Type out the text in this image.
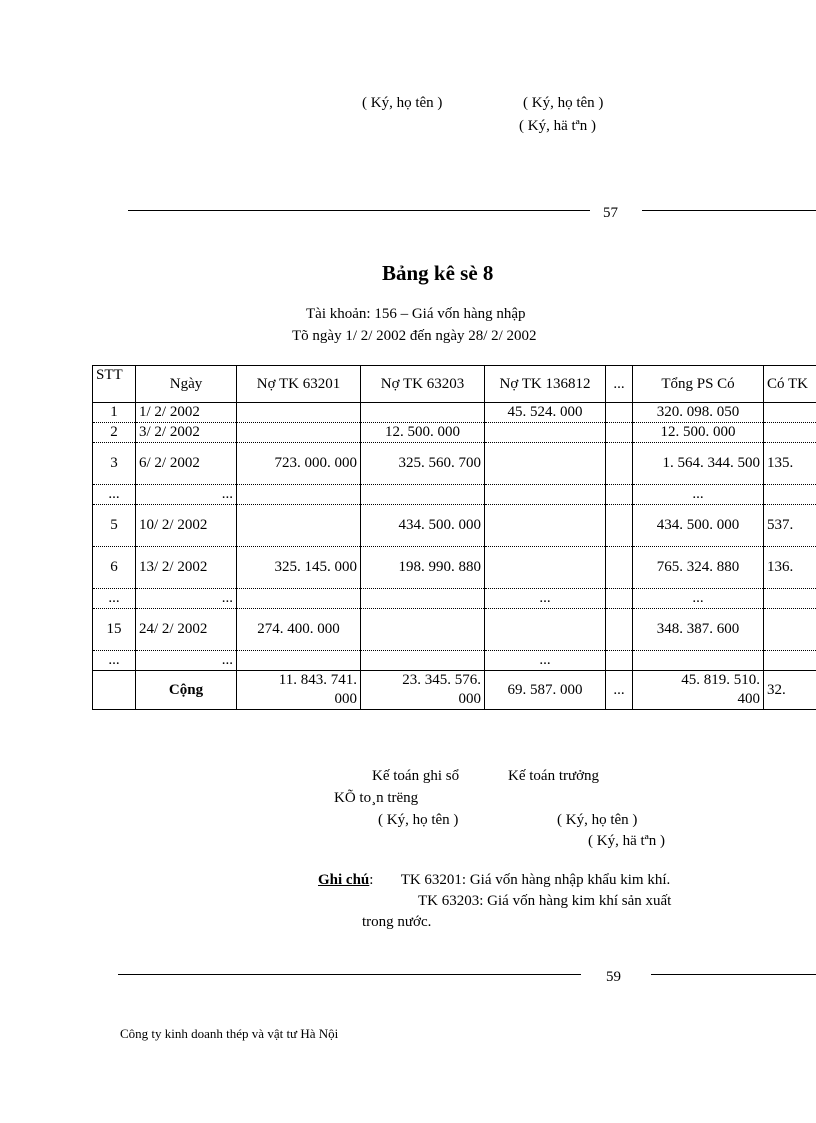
( Ký, họ tên )	( Ký, họ tên )
( Ký, hä tªn )
57
Bảng kê sè 8
Tài khoản: 156 – Giá vốn hàng nhập
Tõ ngày 1/ 2/ 2002 đến ngày 28/ 2/ 2002
STT	Ngày	Nợ TK 63201	Nợ TK 63203	Nợ TK 136812	...	Tổng PS Có	Có TK
1	1/ 2/ 2002			45. 524. 000		320. 098. 050	
2	3/ 2/ 2002		12. 500. 000			12. 500. 000	
3	6/ 2/ 2002	723. 000. 000	325. 560. 700			1. 564. 344. 500	135.
...	...					...	
5	10/ 2/ 2002		434. 500. 000			434. 500. 000	537.
6	13/ 2/ 2002	325. 145. 000	198. 990. 880			765. 324. 880	136.
...	...			...		...	
15	24/ 2/ 2002	274. 400. 000				348. 387. 600	
...	...			...			
	Cộng	11. 843. 741. 000	23. 345. 576. 000	69. 587. 000	...	45. 819. 510. 400	32.
Kế toán ghi sổ	Kế toán trưởng
KÕ to¸n trëng
( Ký, họ tên )	( Ký, họ tên )
( Ký, hä tªn )
Ghi chú: TK 63201: Giá vốn hàng nhập khẩu kim khí.
TK 63203: Giá vốn hàng kim khí sản xuất
trong nước.
59
Công ty kinh doanh thép và vật tư Hà Nội
